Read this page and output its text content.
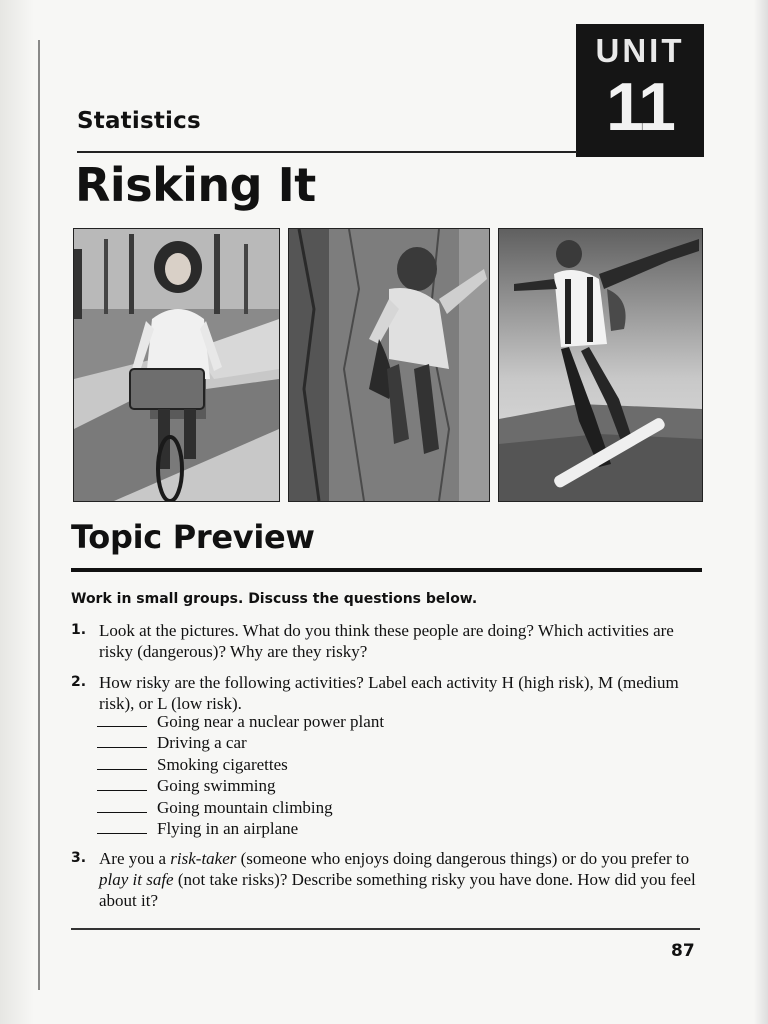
UNIT
11
Statistics
Risking It
Topic Preview
Work in small groups. Discuss the questions below.
1. Look at the pictures. What do you think these people are doing? Which activities are risky (dangerous)? Why are they risky?
2. How risky are the following activities? Label each activity H (high risk), M (medium risk), or L (low risk).
Going near a nuclear power plant
Driving a car
Smoking cigarettes
Going swimming
Going mountain climbing
Flying in an airplane
3. Are you a risk-taker (someone who enjoys doing dangerous things) or do you prefer to play it safe (not take risks)? Describe something risky you have done. How did you feel about it?
87
